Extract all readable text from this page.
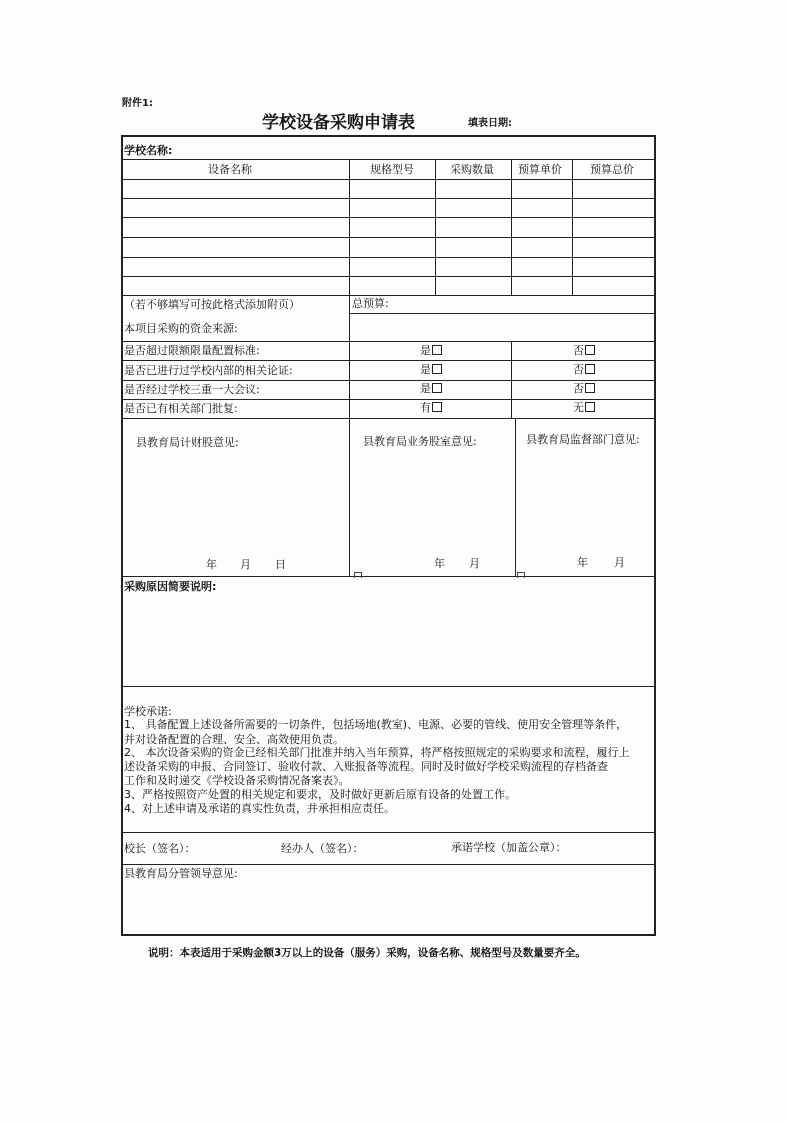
附件1:
学校设备采购申请表	填表日期:
学校名称:
设备名称	规格型号	采购数量 预算单价	预算总价
（若不够填写可按此格式添加附页）	总预算:
本项目采购的资金来源:
是否超过限额限量配置标准:	是	否
是否已进行过学校内部的相关论证:	是	否
是否经过学校三重一大会议:	是	否
是否已有相关部门批复:	有	无
县教育局计财股意见:	县教育局业务股室意见:	县教育局监督部门意见:
年 月 日	年 月	年 月
采购原因简要说明:
学校承诺:
1、 具备配置上述设备所需要的一切条件，包括场地(教室)、电源、必要的管线、使用安全管理等条件，
并对设备配置的合理、安全、高效使用负责。
2、 本次设备采购的资金已经相关部门批准并纳入当年预算，将严格按照规定的采购要求和流程，履行上
述设备采购的申报、合同签订、验收付款、入账报备等流程。同时及时做好学校采购流程的存档备查
工作和及时递交《学校设备采购情况备案表》。
3、严格按照资产处置的相关规定和要求，及时做好更新后原有设备的处置工作。
4、对上述申请及承诺的真实性负责，并承担相应责任。
校长（签名）：	经办人（签名）：	承诺学校（加盖公章）：
县教育局分管领导意见:
说明：本表适用于采购金额3万以上的设备（服务）采购，设备名称、规格型号及数量要齐全。
